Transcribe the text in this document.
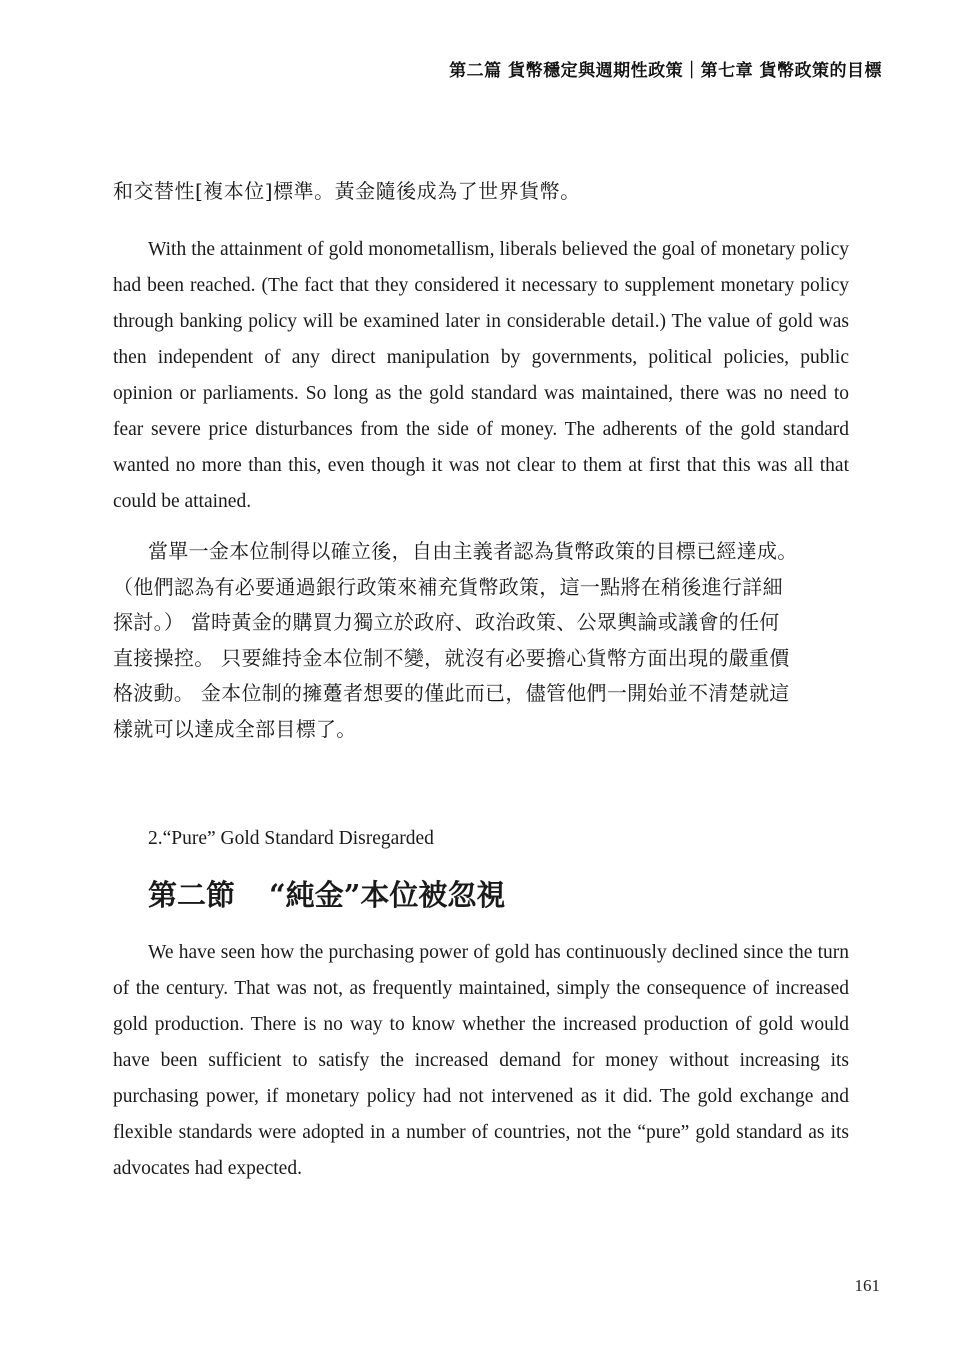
第二篇 貨幣穩定與週期性政策｜第七章 貨幣政策的目標

和交替性[複本位]標準。黃金隨後成為了世界貨幣。

With the attainment of gold monometallism, liberals believed the goal of monetary policy had been reached. (The fact that they considered it necessary to supplement monetary policy through banking policy will be examined later in considerable detail.) The value of gold was then independent of any direct manipulation by governments, political policies, public opinion or parliaments. So long as the gold standard was maintained, there was no need to fear severe price disturbances from the side of money. The adherents of the gold standard wanted no more than this, even though it was not clear to them at first that this was all that could be attained.

當單一金本位制得以確立後，自由主義者認為貨幣政策的目標已經達成。
（他們認為有必要通過銀行政策來補充貨幣政策，這一點將在稍後進行詳細
探討。） 當時黃金的購買力獨立於政府、政治政策、公眾輿論或議會的任何
直接操控。 只要維持金本位制不變，就沒有必要擔心貨幣方面出現的嚴重價
格波動。 金本位制的擁躉者想要的僅此而已，儘管他們一開始並不清楚就這
樣就可以達成全部目標了。
2.“Pure” Gold Standard Disregarded
第二節 “純金”本位被忽視

We have seen how the purchasing power of gold has continuously declined since the turn of the century. That was not, as frequently maintained, simply the consequence of increased gold production. There is no way to know whether the increased production of gold would have been sufficient to satisfy the increased demand for money without increasing its purchasing power, if monetary policy had not intervened as it did. The gold exchange and flexible standards were adopted in a number of countries, not the “pure” gold standard as its advocates had expected.

161
